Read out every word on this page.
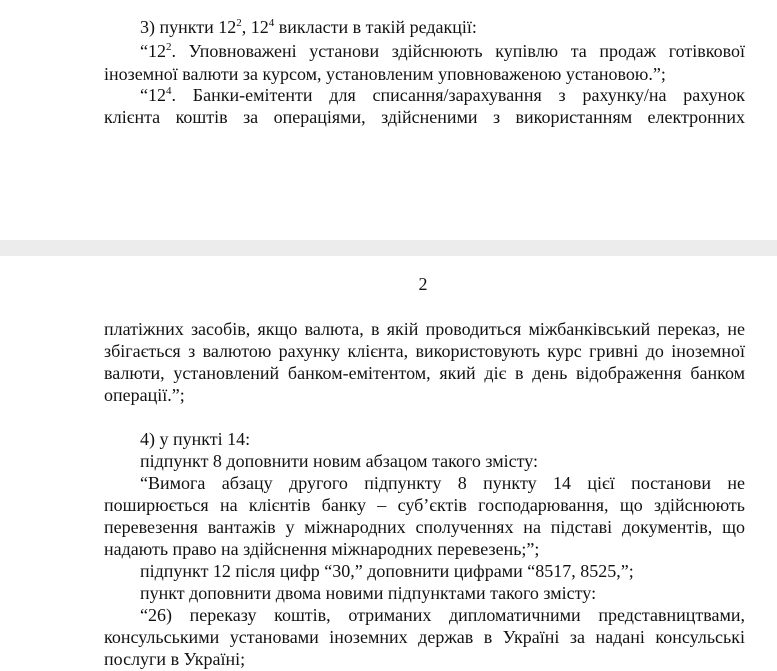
3) пункти $12^2$, $12^4$ викласти в такій редакції:
“$12^2$. Уповноважені установи здійснюють купівлю та продаж готівкової
іноземної валюти за курсом, установленим уповноваженою установою.”;
“$12^4$. Банки-емітенти для списання/зарахування з рахунку/на рахунок
клієнта коштів за операціями, здійсненими з використанням електронних
2
платіжних засобів, якщо валюта, в якій проводиться міжбанківський переказ, не
збігається з валютою рахунку клієнта, використовують курс гривні до іноземної
валюти, установлений банком-емітентом, який діє в день відображення банком
операції.”;
4) у пункті 14:
підпункт 8 доповнити новим абзацом такого змісту:
“Вимога абзацу другого підпункту 8 пункту 14 цієї постанови не
поширюється на клієнтів банку – суб’єктів господарювання, що здійснюють
перевезення вантажів у міжнародних сполученнях на підставі документів, що
надають право на здійснення міжнародних перевезень;”;
підпункт 12 після цифр “30,” доповнити цифрами “8517, 8525,”;
пункт доповнити двома новими підпунктами такого змісту:
“26) переказу коштів, отриманих дипломатичними представництвами,
консульськими установами іноземних держав в Україні за надані консульські
послуги в Україні;
